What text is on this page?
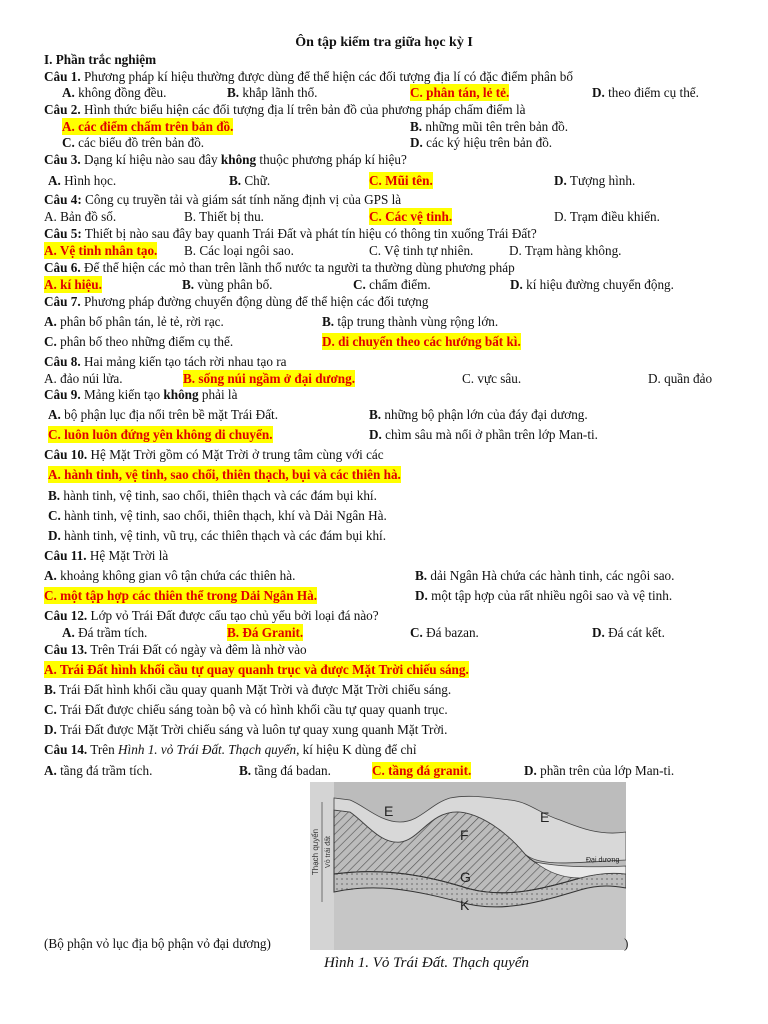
Ôn tập kiểm tra giữa học kỳ I
I. Phần trắc nghiệm
Câu 1. Phương pháp kí hiệu thường được dùng để thể hiện các đối tượng địa lí có đặc điểm phân bố
A. không đồng đều.	B. khắp lãnh thổ.	C. phân tán, lẻ tẻ.	D. theo điểm cụ thể.
Câu 2. Hình thức biểu hiện các đối tượng địa lí trên bản đồ của phương pháp chấm điểm là
A. các điểm chấm trên bản đồ.	B. những mũi tên trên bản đồ.
C. các biểu đồ trên bản đồ.	D. các ký hiệu trên bản đồ.
Câu 3. Dạng kí hiệu nào sau đây không thuộc phương pháp kí hiệu?
A. Hình học.	B. Chữ.	C. Mũi tên.	D. Tượng hình.
Câu 4: Công cụ truyền tải và giám sát tính năng định vị của GPS là
A. Bản đồ số.	B. Thiết bị thu.	C. Các vệ tinh.	D. Trạm điều khiển.
Câu 5: Thiết bị nào sau đây bay quanh Trái Đất và phát tín hiệu có thông tin xuống Trái Đất?
A. Vệ tinh nhân tạo. B. Các loại ngôi sao.	C. Vệ tinh tự nhiên.	D. Trạm hàng không.
Câu 6. Để thể hiện các mỏ than trên lãnh thổ nước ta người ta thường dùng phương pháp
A. kí hiệu.	B. vùng phân bố.	C. chấm điểm.	D. kí hiệu đường chuyển động.
Câu 7. Phương pháp đường chuyển động dùng để thể hiện các đối tượng
A. phân bố phân tán, lẻ tẻ, rời rạc.	B. tập trung thành vùng rộng lớn.
C. phân bố theo những điểm cụ thể.	D. di chuyển theo các hướng bất kì.
Câu 8. Hai mảng kiến tạo tách rời nhau tạo ra
A. đảo núi lửa.	B. sống núi ngầm ở đại dương.	C. vực sâu.	D. quần đảo
Câu 9. Mảng kiến tạo không phải là
A. bộ phận lục địa nổi trên bề mặt Trái Đất.	B. những bộ phận lớn của đáy đại dương.
C. luôn luôn đứng yên không di chuyển.	D. chìm sâu mà nổi ở phần trên lớp Man-ti.
Câu 10. Hệ Mặt Trời gồm có Mặt Trời ở trung tâm cùng với các
A. hành tinh, vệ tinh, sao chổi, thiên thạch, bụi và các thiên hà.
B. hành tinh, vệ tinh, sao chổi, thiên thạch và các đám bụi khí.
C. hành tinh, vệ tinh, sao chổi, thiên thạch, khí và Dải Ngân Hà.
D. hành tinh, vệ tinh, vũ trụ, các thiên thạch và các đám bụi khí.
Câu 11. Hệ Mặt Trời là
A. khoảng không gian vô tận chứa các thiên hà.	B. dải Ngân Hà chứa các hành tinh, các ngôi sao.
C. một tập hợp các thiên thể trong Dải Ngân Hà.	D. một tập hợp của rất nhiều ngôi sao và vệ tinh.
Câu 12. Lớp vỏ Trái Đất được cấu tạo chủ yếu bởi loại đá nào?
A. Đá trầm tích.	B. Đá Granit.	C. Đá bazan.	D. Đá cát kết.
Câu 13. Trên Trái Đất có ngày và đêm là nhờ vào
A. Trái Đất hình khối cầu tự quay quanh trục và được Mặt Trời chiếu sáng.
B. Trái Đất hình khối cầu quay quanh Mặt Trời và được Mặt Trời chiếu sáng.
C. Trái Đất được chiếu sáng toàn bộ và có hình khối cầu tự quay quanh trục.
D. Trái Đất được Mặt Trời chiếu sáng và luôn tự quay xung quanh Mặt Trời.
Câu 14. Trên Hình 1. vỏ Trái Đất. Thạch quyển, kí hiệu K dùng để chỉ
A. tầng đá trầm tích.	B. tầng đá badan.	C. tầng đá granit.	D. phần trên của lớp Man-ti.
Thạch quyển Vỏ trái đất
E	E
F
G
K
Đại dương
(Bộ phận vỏ lục địa bộ phận vỏ đại dương)	)
Hình 1. Vỏ Trái Đất. Thạch quyển
